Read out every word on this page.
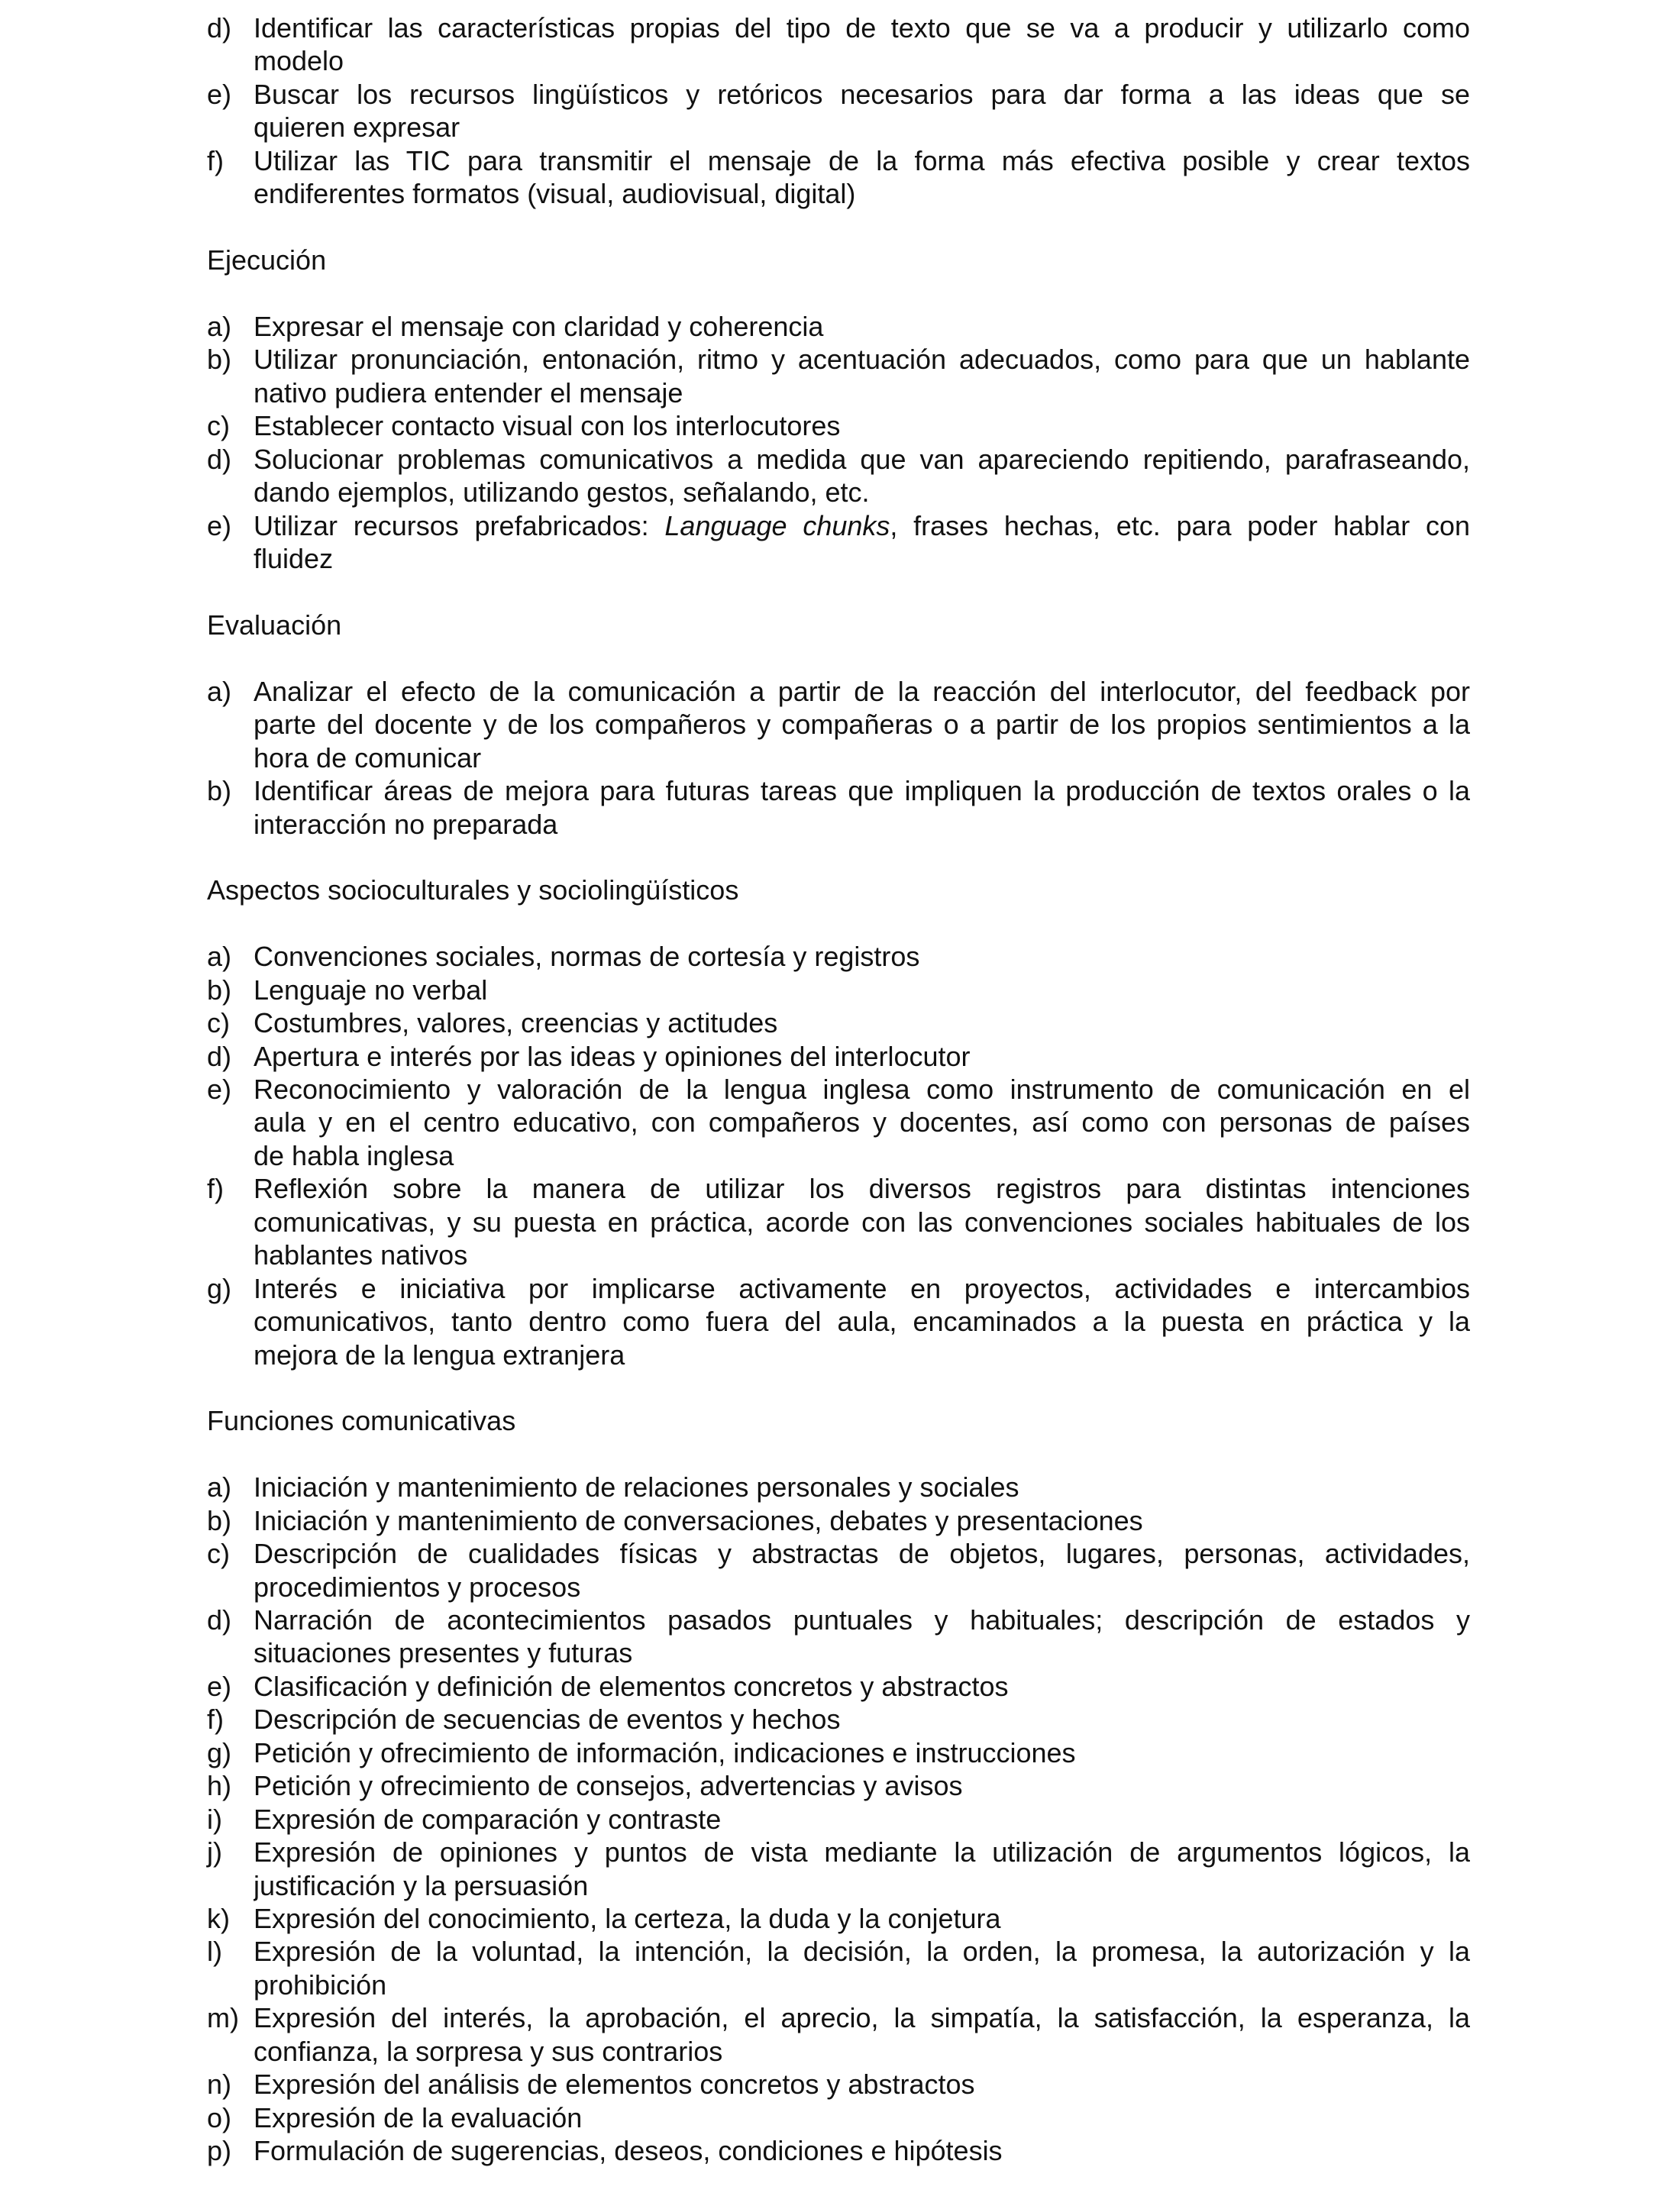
d) Identificar las características propias del tipo de texto que se va a producir y utilizarlo como
modelo
e) Buscar los recursos lingüísticos y retóricos necesarios para dar forma a las ideas que se
quieren expresar
f) Utilizar las TIC para transmitir el mensaje de la forma más efectiva posible y crear textos
endiferentes formatos (visual, audiovisual, digital)
Ejecución
a) Expresar el mensaje con claridad y coherencia
b) Utilizar pronunciación, entonación, ritmo y acentuación adecuados, como para que un hablante
nativo pudiera entender el mensaje
c) Establecer contacto visual con los interlocutores
d) Solucionar problemas comunicativos a medida que van apareciendo repitiendo, parafraseando,
dando ejemplos, utilizando gestos, señalando, etc.
e) Utilizar recursos prefabricados: Language chunks, frases hechas, etc. para poder hablar con
fluidez
Evaluación
a) Analizar el efecto de la comunicación a partir de la reacción del interlocutor, del feedback por
parte del docente y de los compañeros y compañeras o a partir de los propios sentimientos a la
hora de comunicar
b) Identificar áreas de mejora para futuras tareas que impliquen la producción de textos orales o la
interacción no preparada
Aspectos socioculturales y sociolingüísticos
a) Convenciones sociales, normas de cortesía y registros
b) Lenguaje no verbal
c) Costumbres, valores, creencias y actitudes
d) Apertura e interés por las ideas y opiniones del interlocutor
e) Reconocimiento y valoración de la lengua inglesa como instrumento de comunicación en el
aula y en el centro educativo, con compañeros y docentes, así como con personas de países
de habla inglesa
f) Reflexión sobre la manera de utilizar los diversos registros para distintas intenciones
comunicativas, y su puesta en práctica, acorde con las convenciones sociales habituales de los
hablantes nativos
g) Interés e iniciativa por implicarse activamente en proyectos, actividades e intercambios
comunicativos, tanto dentro como fuera del aula, encaminados a la puesta en práctica y la
mejora de la lengua extranjera
Funciones comunicativas
a) Iniciación y mantenimiento de relaciones personales y sociales
b) Iniciación y mantenimiento de conversaciones, debates y presentaciones
c) Descripción de cualidades físicas y abstractas de objetos, lugares, personas, actividades,
procedimientos y procesos
d) Narración de acontecimientos pasados puntuales y habituales; descripción de estados y
situaciones presentes y futuras
e) Clasificación y definición de elementos concretos y abstractos
f) Descripción de secuencias de eventos y hechos
g) Petición y ofrecimiento de información, indicaciones e instrucciones
h) Petición y ofrecimiento de consejos, advertencias y avisos
i) Expresión de comparación y contraste
j) Expresión de opiniones y puntos de vista mediante la utilización de argumentos lógicos, la
justificación y la persuasión
k) Expresión del conocimiento, la certeza, la duda y la conjetura
l) Expresión de la voluntad, la intención, la decisión, la orden, la promesa, la autorización y la
prohibición
m) Expresión del interés, la aprobación, el aprecio, la simpatía, la satisfacción, la esperanza, la
confianza, la sorpresa y sus contrarios
n) Expresión del análisis de elementos concretos y abstractos
o) Expresión de la evaluación
p) Formulación de sugerencias, deseos, condiciones e hipótesis
